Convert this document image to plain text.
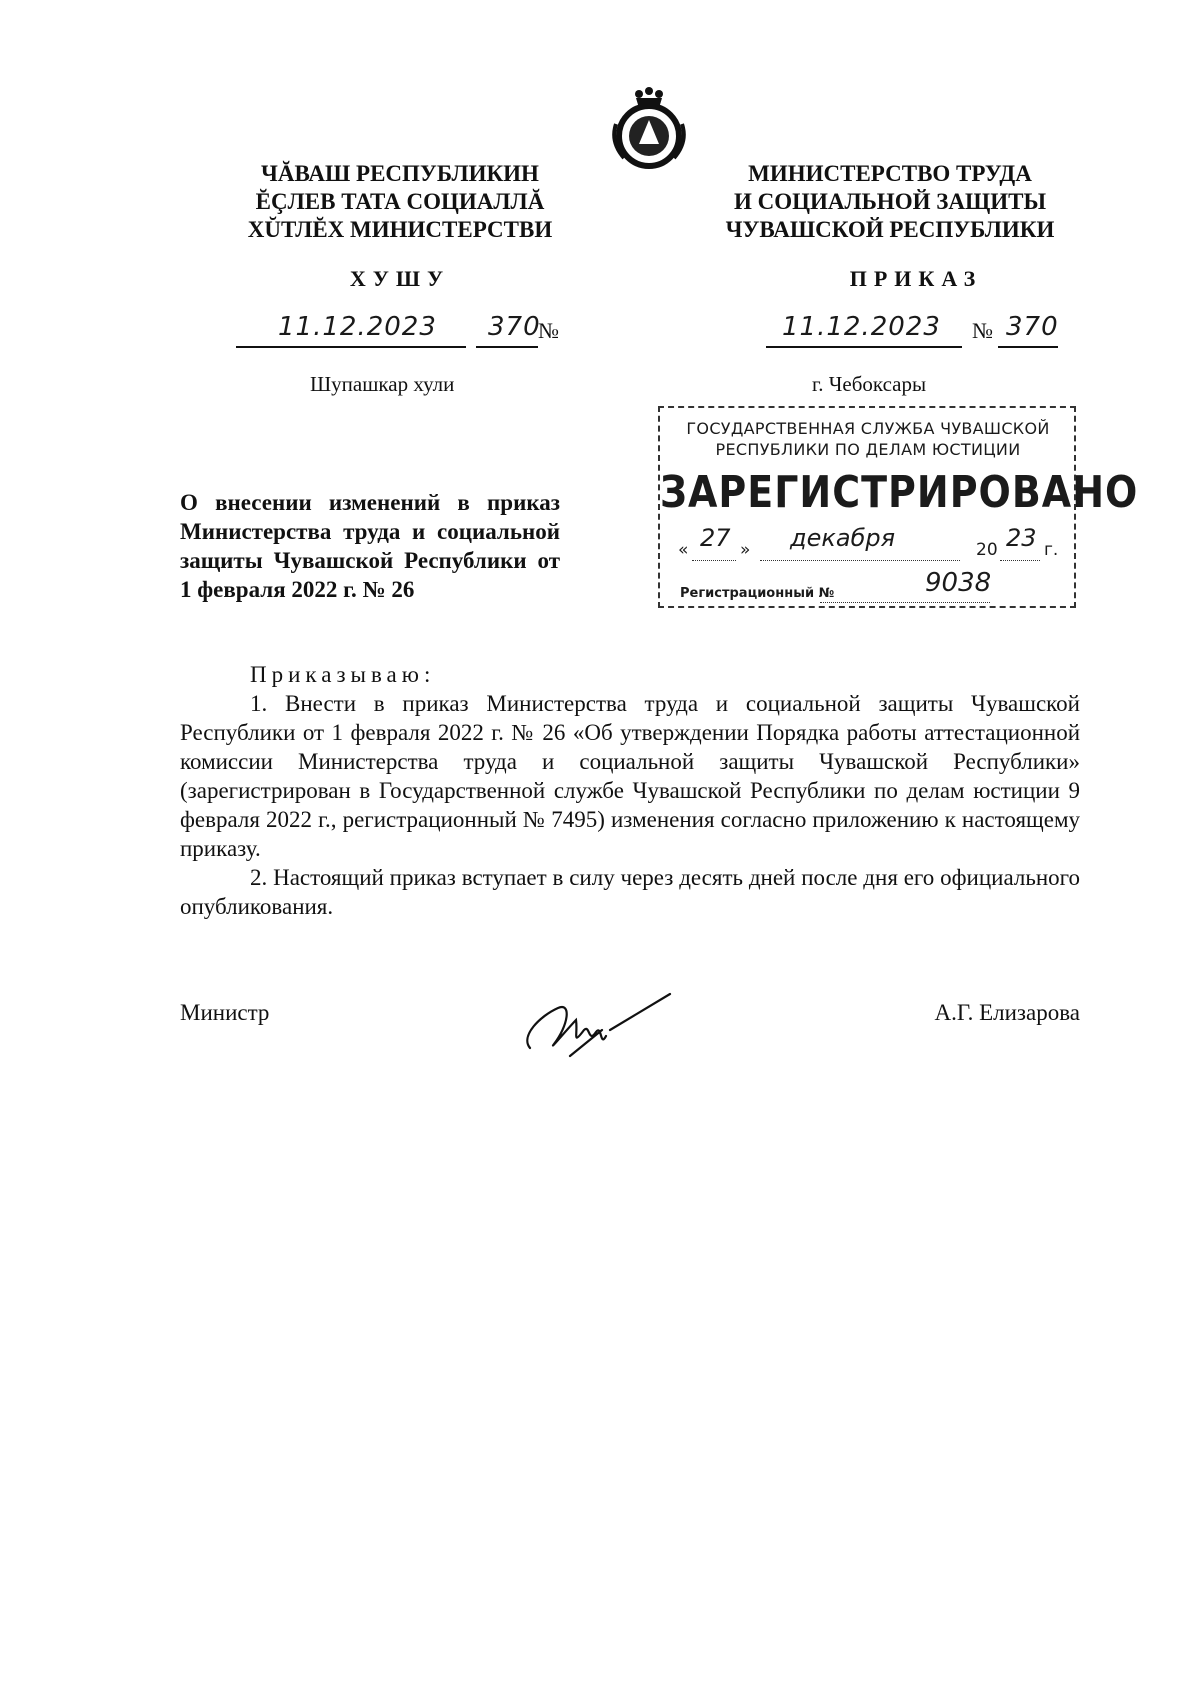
ЧĂВАШ РЕСПУБЛИКИН
ĔÇЛЕВ ТАТА СОЦИАЛЛĂ
ХŬТЛĔХ МИНИСТЕРСТВИ
МИНИСТЕРСТВО ТРУДА
И СОЦИАЛЬНОЙ ЗАЩИТЫ
ЧУВАШСКОЙ РЕСПУБЛИКИ
ХУШУ	ПРИКАЗ
11.12.2023 370
№	11.12.2023 № 370
Шупашкар хули	г. Чебоксары
ГОСУДАРСТВЕННАЯ СЛУЖБА ЧУВАШСКОЙ
РЕСПУБЛИКИ ПО ДЕЛАМ ЮСТИЦИИ
ЗАРЕГИСТРИРОВАНО
« 27 » декабря	20 23 г.
Регистрационный №	9038
О внесении изменений в приказ Министерства труда и социальной защиты Чувашской Республики от 1 февраля 2022 г. № 26
Приказываю:

1. Внести в приказ Министерства труда и социальной защиты Чувашской Республики от 1 февраля 2022 г. № 26 «Об утверждении Порядка работы аттестационной комиссии Министерства труда и социальной защиты Чувашской Республики» (зарегистрирован в Государственной службе Чувашской Республики по делам юстиции 9 февраля 2022 г., регистрационный № 7495) изменения согласно приложению к настоящему приказу.

2. Настоящий приказ вступает в силу через десять дней после дня его официального опубликования.

Министр	А.Г. Елизарова
